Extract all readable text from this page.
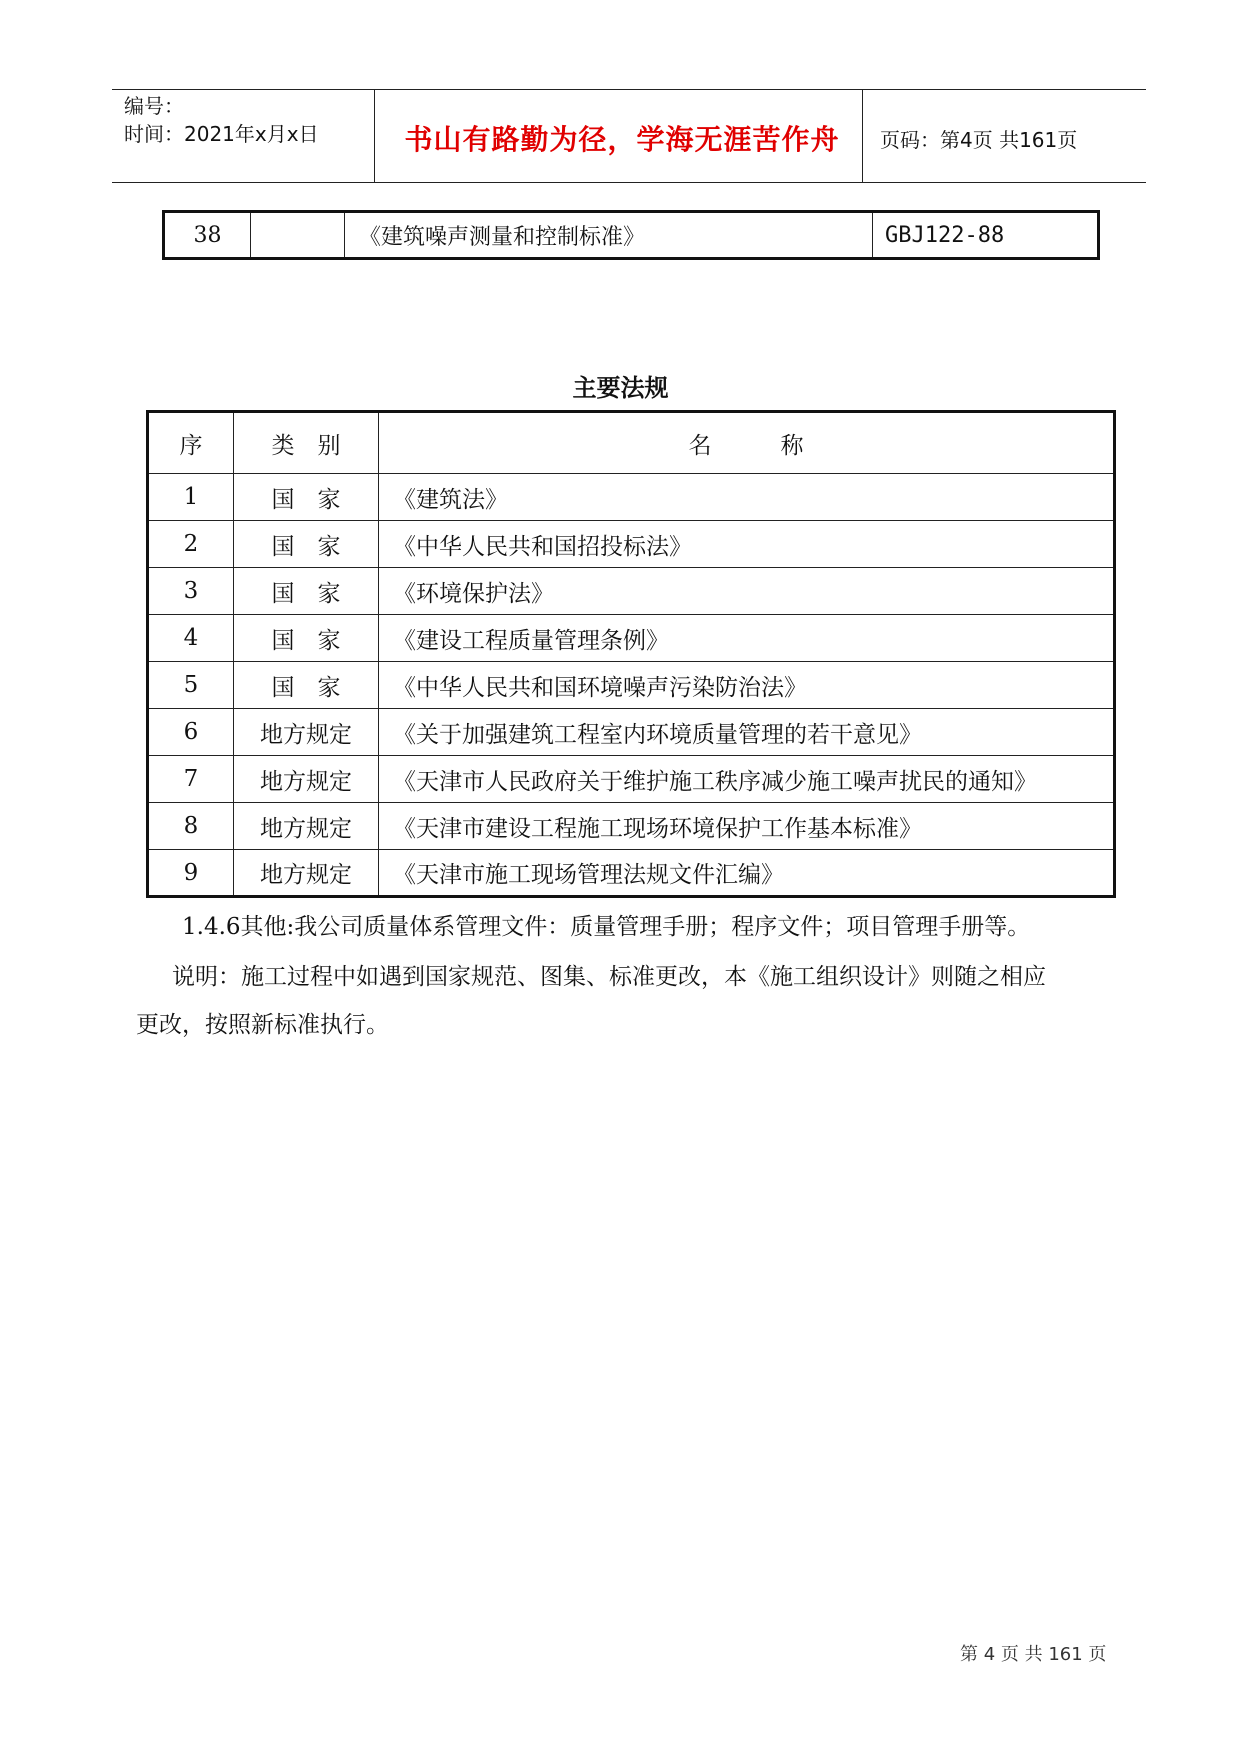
编号：
时间：2021年x月x日	书山有路勤为径，学海无涯苦作舟	页码：第4页 共161页
38	《建筑噪声测量和控制标准》	GBJ122-88
主要法规
序	类　别	名　　　称
1	国　家	《建筑法》
2	国　家	《中华人民共和国招投标法》
3	国　家	《环境保护法》
4	国　家	《建设工程质量管理条例》
5	国　家	《中华人民共和国环境噪声污染防治法》
6	地方规定	《关于加强建筑工程室内环境质量管理的若干意见》
7	地方规定	《天津市人民政府关于维护施工秩序减少施工噪声扰民的通知》
8	地方规定	《天津市建设工程施工现场环境保护工作基本标准》
9	地方规定	《天津市施工现场管理法规文件汇编》
1.4.6其他:我公司质量体系管理文件：质量管理手册；程序文件；项目管理手册等。
说明：施工过程中如遇到国家规范、图集、标准更改，本《施工组织设计》则随之相应
更改，按照新标准执行。
第 4 页 共 161 页
